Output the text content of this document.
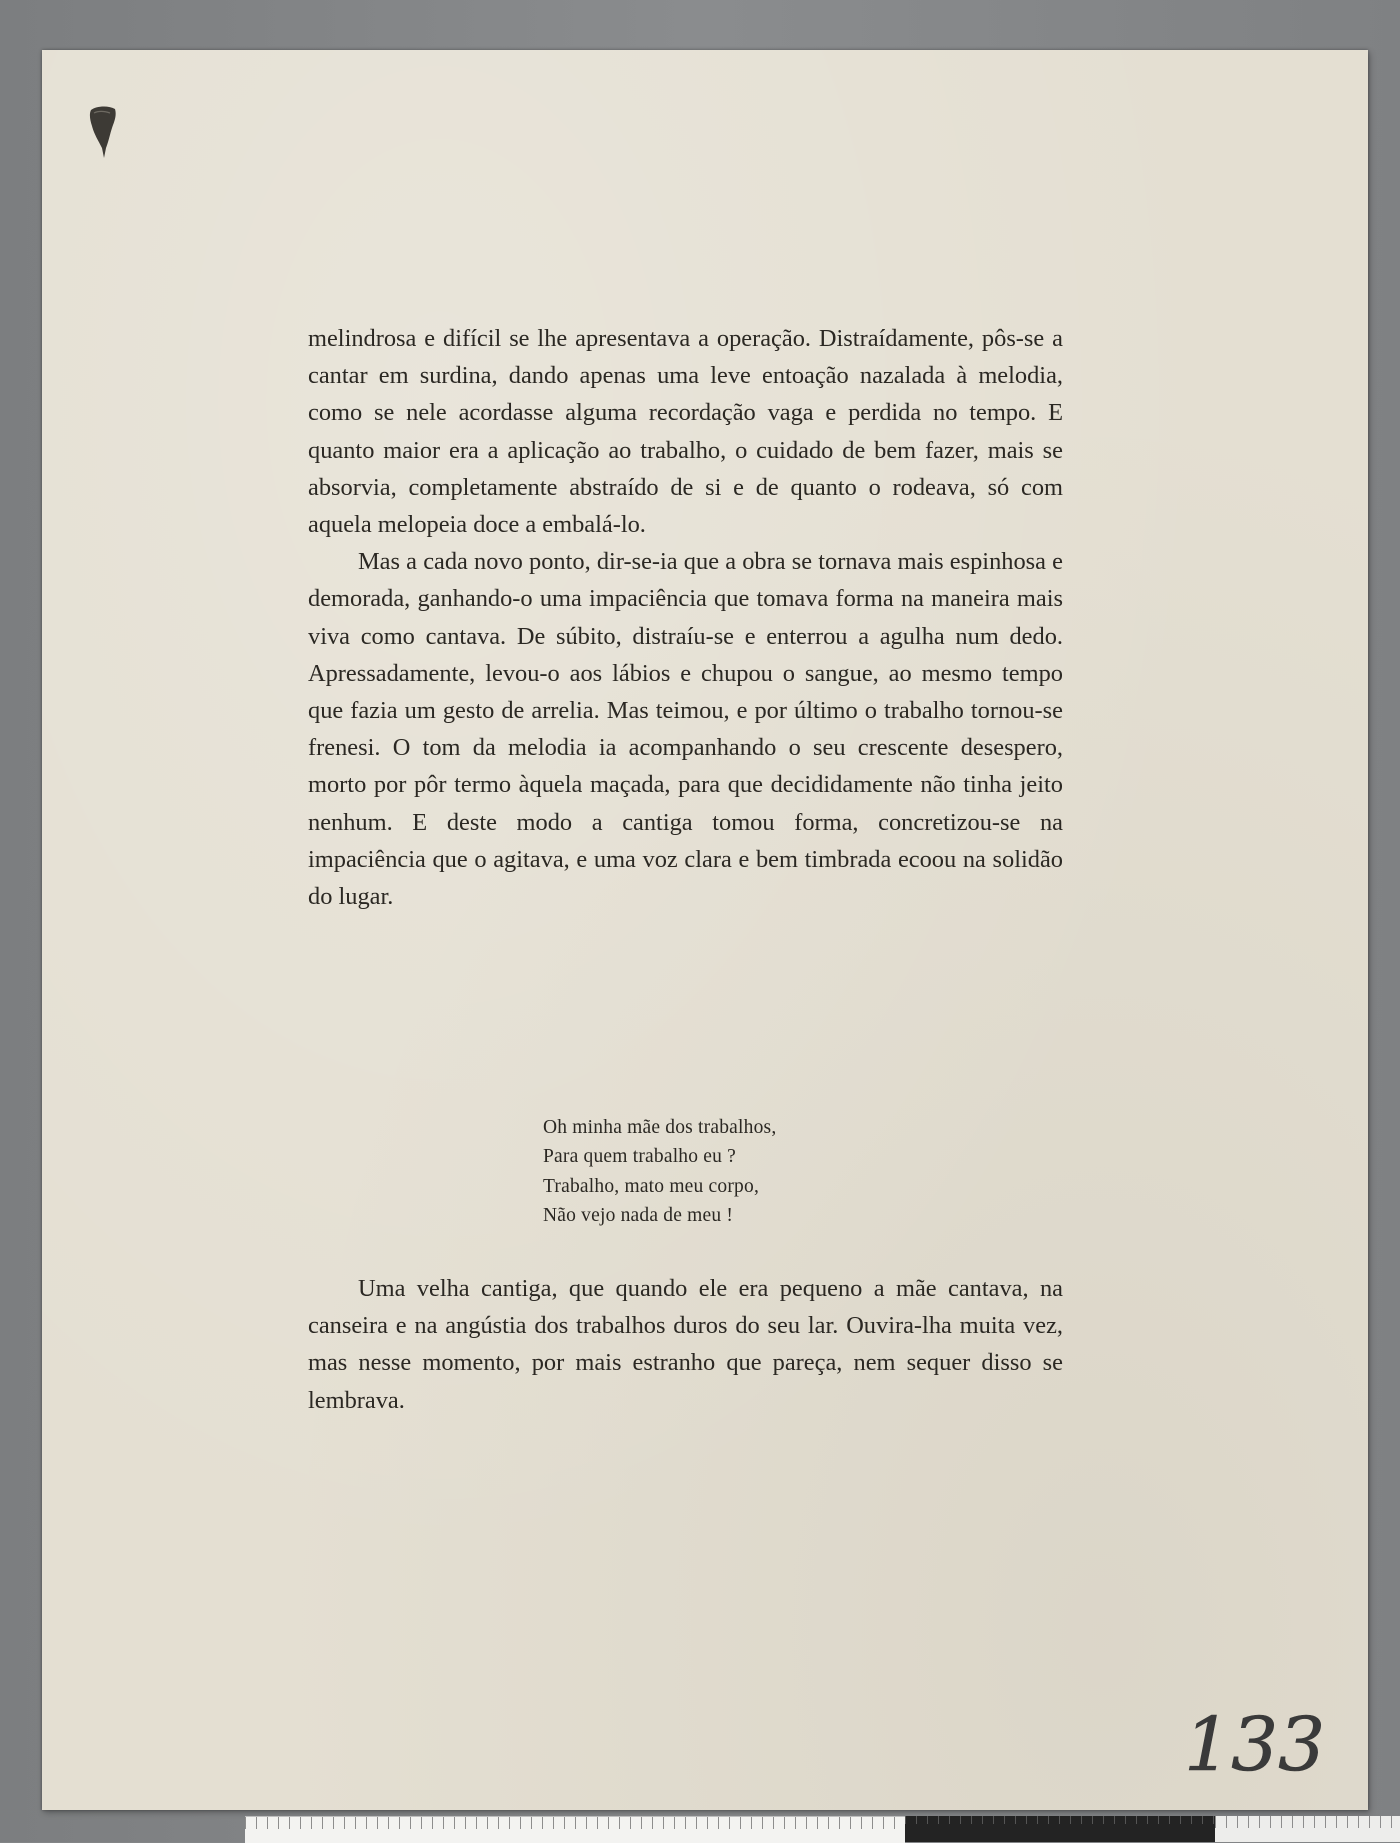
melindrosa e difícil se lhe apresentava a operação. Distraídamente, pôs-se a cantar em surdina, dando apenas uma leve entoação nazalada à melodia, como se nele acordasse alguma recordação vaga e perdida no tempo. E quanto maior era a aplicação ao trabalho, o cuidado de bem fazer, mais se absorvia, completamente abstraído de si e de quanto o rodeava, só com aquela melopeia doce a embalá-lo.

Mas a cada novo ponto, dir-se-ia que a obra se tornava mais espinhosa e demorada, ganhando-o uma impaciência que tomava forma na maneira mais viva como cantava. De súbito, distraíu-se e enterrou a agulha num dedo. Apressadamente, levou-o aos lábios e chupou o sangue, ao mesmo tempo que fazia um gesto de arrelia. Mas teimou, e por último o trabalho tornou-se frenesi. O tom da melodia ia acompanhando o seu crescente desespero, morto por pôr termo àquela maçada, para que decididamente não tinha jeito nenhum. E deste modo a cantiga tomou forma, concretizou-se na impaciência que o agitava, e uma voz clara e bem timbrada ecoou na solidão do lugar.

Oh minha mãe dos trabalhos,
Para quem trabalho eu ?
Trabalho, mato meu corpo,
Não vejo nada de meu !

Uma velha cantiga, que quando ele era pequeno a mãe cantava, na canseira e na angústia dos trabalhos duros do seu lar. Ouvira-lha muita vez, mas nesse momento, por mais estranho que pareça, nem sequer disso se lembrava.

133
